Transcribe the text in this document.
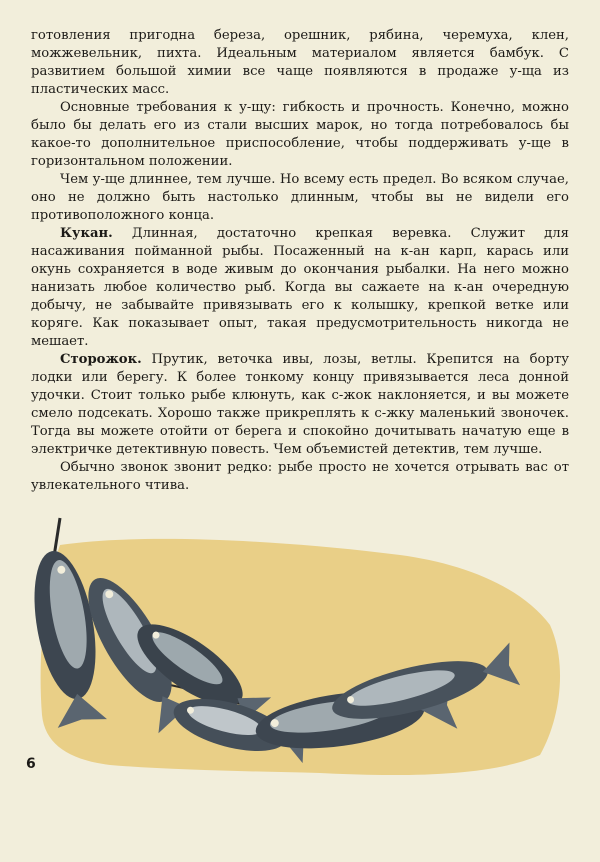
готовления пригодна береза, орешник, рябина, черемуха, клен, можжевельник, пихта. Идеальным материалом является бамбук. С развитием большой химии все чаще появляются в продаже у-ща из пластических масс.

Основные требования к у-щу: гибкость и прочность. Конечно, можно было бы делать его из стали высших марок, но тогда потребовалось бы какое-то дополнительное приспособление, чтобы поддерживать у-ще в горизонтальном положении.

Чем у-ще длиннее, тем лучше. Но всему есть предел. Во всяком случае, оно не должно быть настолько длинным, чтобы вы не видели его противоположного конца.

Кукан. Длинная, достаточно крепкая веревка. Служит для насаживания пойманной рыбы. Посаженный на к-ан карп, карась или окунь сохраняется в воде живым до окончания рыбалки. На него можно нанизать любое количество рыб. Когда вы сажаете на к-ан очередную добычу, не забывайте привязывать его к колышку, крепкой ветке или коряге. Как показывает опыт, такая предусмотрительность никогда не мешает.

Сторожок. Прутик, веточка ивы, лозы, ветлы. Крепится на борту лодки или берегу. К более тонкому концу привязывается леса донной удочки. Стоит только рыбе клюнуть, как с-жок наклоняется, и вы можете смело подсекать. Хорошо также прикреплять к с-жку маленький звоночек. Тогда вы можете отойти от берега и спокойно дочитывать начатую еще в электричке детективную повесть. Чем объемистей детектив, тем лучше.

Обычно звонок звонит редко: рыбе просто не хочется отрывать вас от увлекательного чтива.

6
